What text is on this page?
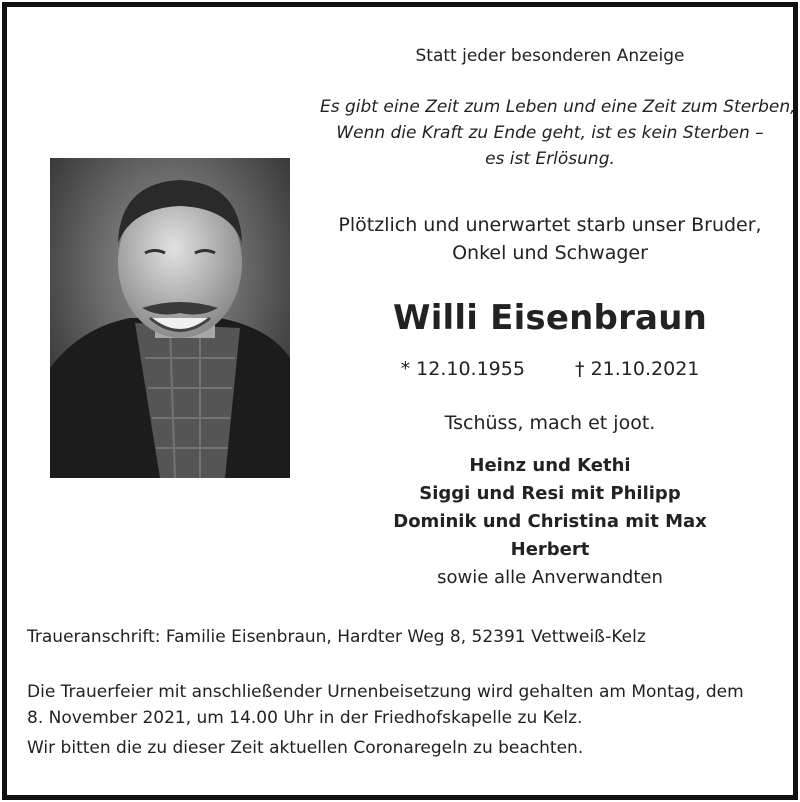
Statt jeder besonderen Anzeige
Es gibt eine Zeit zum Leben und eine Zeit zum Sterben,
Wenn die Kraft zu Ende geht, ist es kein Sterben –
es ist Erlösung.
Plötzlich und unerwartet starb unser Bruder,
Onkel und Schwager
Willi Eisenbraun
* 12.10.1955	† 21.10.2021
Tschüss, mach et joot.
Heinz und Kethi
Siggi und Resi mit Philipp
Dominik und Christina mit Max
Herbert
sowie alle Anverwandten
Traueranschrift: Familie Eisenbraun, Hardter Weg 8, 52391 Vettweiß-Kelz
Die Trauerfeier mit anschließender Urnenbeisetzung wird gehalten am Montag, dem
8. November 2021, um 14.00 Uhr in der Friedhofskapelle zu Kelz.
Wir bitten die zu dieser Zeit aktuellen Coronaregeln zu beachten.
